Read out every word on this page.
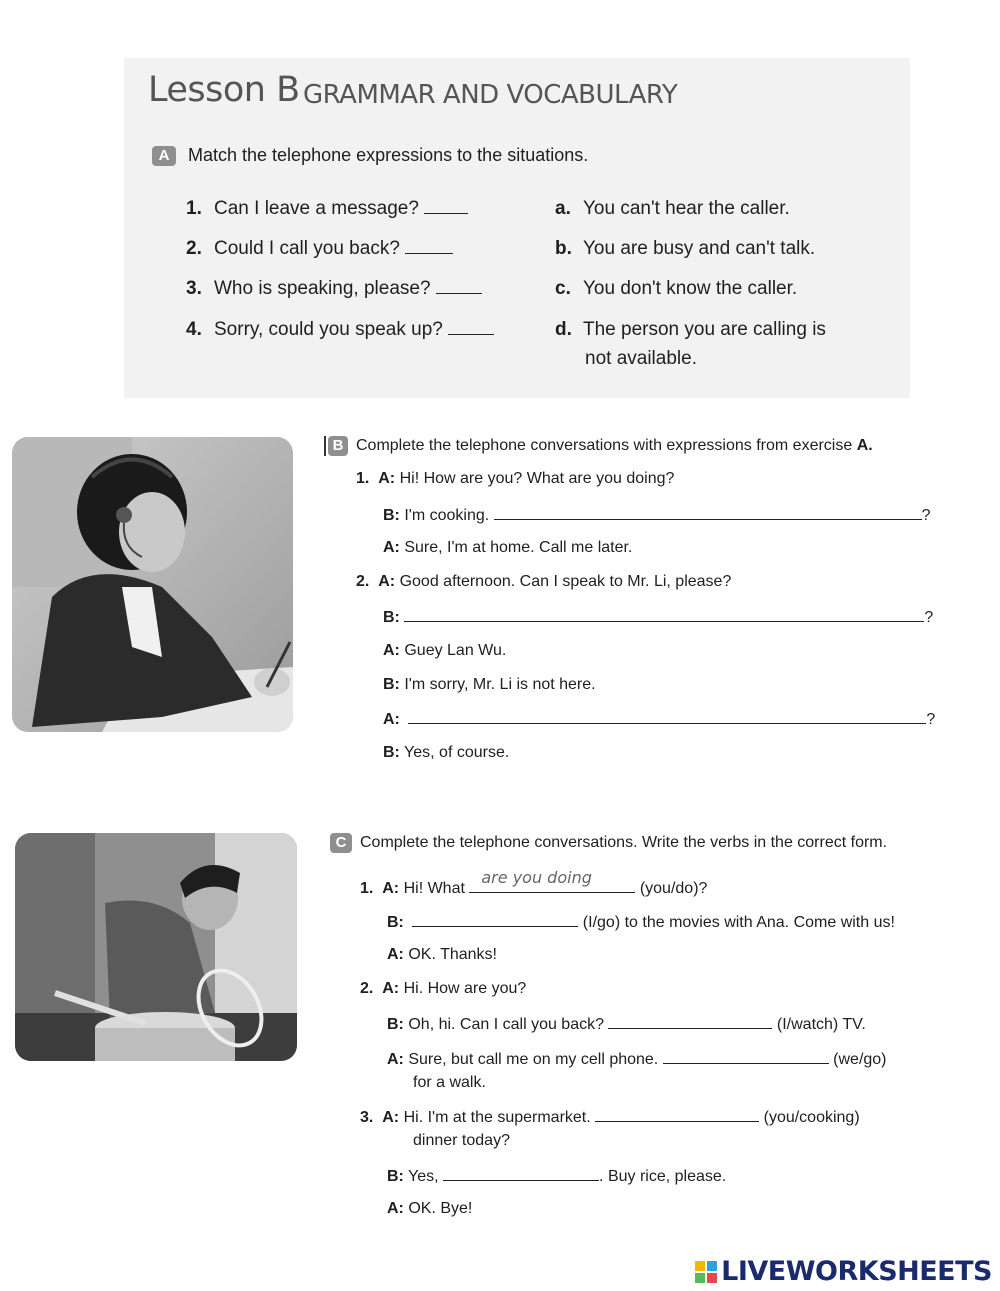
Lesson B GRAMMAR AND VOCABULARY
A	Match the telephone expressions to the situations.
1. Can I leave a message?
2. Could I call you back?
3. Who is speaking, please?
4. Sorry, could you speak up?
a. You can't hear the caller.
b. You are busy and can't talk.
c. You don't know the caller.
d. The person you are calling is
not available.
B Complete the telephone conversations with expressions from exercise A.
1. A: Hi! How are you? What are you doing?
B: I'm cooking.	?
A: Sure, I'm at home. Call me later.
2. A: Good afternoon. Can I speak to Mr. Li, please?
B:	?
A: Guey Lan Wu.
B: I'm sorry, Mr. Li is not here.
A:	?
B: Yes, of course.
C Complete the telephone conversations. Write the verbs in the correct form.
1. A: Hi! What
are you doing
(you/do)?
B:	(I/go) to the movies with Ana. Come with us!
A: OK. Thanks!
2. A: Hi. How are you?
B: Oh, hi. Can I call you back?	(I/watch) TV.
A: Sure, but call me on my cell phone.	(we/go)
for a walk.
3. A: Hi. I'm at the supermarket.	(you/cooking)
dinner today?
B: Yes,	. Buy rice, please.
A: OK. Bye!
LIVEWORKSHEETS
